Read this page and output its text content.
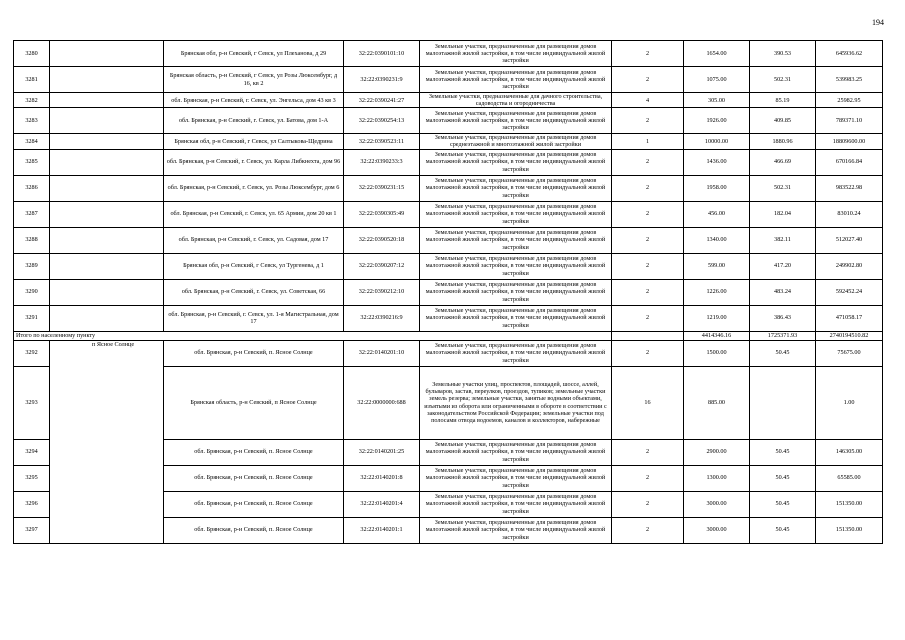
194
3280		Брянская обл, р-н Севский, г Севск, ул Плеханова, д 29	32:22:0390101:10	Земельные участки, предназначенные для размещения домов малоэтажной жилой застройки, в том числе индивидуальной жилой застройки	2	1654.00	390.53	645936.62
3281		Брянская область, р-н Севский, г Севск, ул Розы Люксембург, д 16, кв 2	32:22:0390231:9	Земельные участки, предназначенные для размещения домов малоэтажной жилой застройки, в том числе индивидуальной жилой застройки	2	1075.00	502.31	539983.25
3282		обл. Брянская, р-н Севский, г. Севск, ул. Энгельса, дом 43 кв 3	32:22:0390241:27	Земельные участки, предназначенные для дачного строительства, садоводства и огородничества	4	305.00	85.19	25982.95
3283		обл. Брянская, р-н Севский, г. Севск, ул. Батова, дом 1-А	32:22:0390254:13	Земельные участки, предназначенные для размещения домов малоэтажной жилой застройки, в том числе индивидуальной жилой застройки	2	1926.00	409.85	789371.10
3284		Брянская обл, р-н Севский, г Севск, ул Салтыкова-Щедрина	32:22:0390523:11	Земельные участки, предназначенные для размещения домов среднеэтажной и многоэтажной жилой застройки	1	10000.00	1880.96	18809600.00
3285		обл. Брянская, р-н Севский, г. Севск, ул. Карла Либкнехта, дом 96	32:22:0390233:3	Земельные участки, предназначенные для размещения домов малоэтажной жилой застройки, в том числе индивидуальной жилой застройки	2	1436.00	466.69	670166.84
3286		обл. Брянская, р-н Севский, г. Севск, ул. Розы Люксембург, дом 6	32:22:0390231:15	Земельные участки, предназначенные для размещения домов малоэтажной жилой застройки, в том числе индивидуальной жилой застройки	2	1958.00	502.31	983522.98
3287		обл. Брянская, р-н Севский, г. Севск, ул. 65 Армии, дом 20 кв 1	32:22:0390305:49	Земельные участки, предназначенные для размещения домов малоэтажной жилой застройки, в том числе индивидуальной жилой застройки	2	456.00	182.04	83010.24
3288		обл. Брянская, р-н Севский, г. Севск, ул. Садовая, дом 17	32:22:0390520:18	Земельные участки, предназначенные для размещения домов малоэтажной жилой застройки, в том числе индивидуальной жилой застройки	2	1340.00	382.11	512027.40
3289		Брянская обл, р-н Севский, г Севск, ул Тургенева, д 1	32:22:0390207:12	Земельные участки, предназначенные для размещения домов малоэтажной жилой застройки, в том числе индивидуальной жилой застройки	2	599.00	417.20	249902.80
3290		обл. Брянская, р-н Севский, г. Севск, ул. Советская, 66	32:22:0390212:10	Земельные участки, предназначенные для размещения домов малоэтажной жилой застройки, в том числе индивидуальной жилой застройки	2	1226.00	483.24	592452.24
3291		обл. Брянская, р-н Севский, г. Севск, ул. 1-я Магистральная, дом 17	32:22:0390216:9	Земельные участки, предназначенные для размещения домов малоэтажной жилой застройки, в том числе индивидуальной жилой застройки	2	1219.00	386.43	471058.17
Итого по населенному пункту						4414346.16	1725371.93	2740194510.82
3292	п Ясное Солнце	обл. Брянская, р-н Севский, п. Ясное Солнце	32:22:0140201:10	Земельные участки, предназначенные для размещения домов малоэтажной жилой застройки, в том числе индивидуальной жилой застройки	2	1500.00	50.45	75675.00
3293		Брянская область, р-н Севский, п Ясное Солнце	32:22:0000000:688	Земельные участки улиц, проспектов, площадей, шоссе, аллей, бульваров, застав, переулков, проездов, тупиков; земельные участки земель резерва; земельные участки, занятые водными объектами, изъятыми из оборота или ограниченными в обороте в соответствии с законодательством Российской Федерации; земельные участки под полосами отвода водоемов, каналов и коллекторов, набережные	16	885.00		1.00
3294		обл. Брянская, р-н Севский, п. Ясное Солнце	32:22:0140201:25	Земельные участки, предназначенные для размещения домов малоэтажной жилой застройки, в том числе индивидуальной жилой застройки	2	2900.00	50.45	146305.00
3295		обл. Брянская, р-н Севский, п. Ясное Солнце	32:22:0140201:8	Земельные участки, предназначенные для размещения домов малоэтажной жилой застройки, в том числе индивидуальной жилой застройки	2	1300.00	50.45	65585.00
3296		обл. Брянская, р-н Севский, п. Ясное Солнце	32:22:0140201:4	Земельные участки, предназначенные для размещения домов малоэтажной жилой застройки, в том числе индивидуальной жилой застройки	2	3000.00	50.45	151350.00
3297		обл. Брянская, р-н Севский, п. Ясное Солнце	32:22:0140201:1	Земельные участки, предназначенные для размещения домов малоэтажной жилой застройки, в том числе индивидуальной жилой застройки	2	3000.00	50.45	151350.00
